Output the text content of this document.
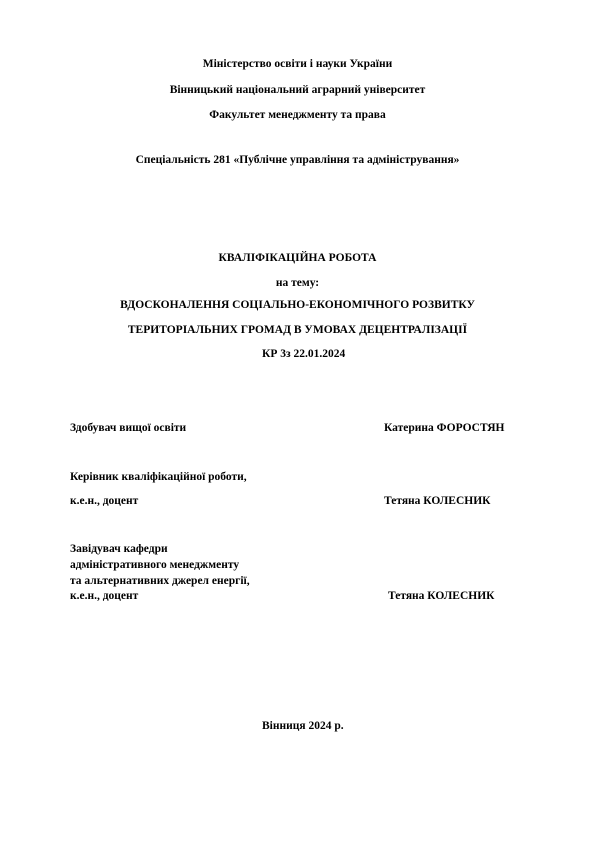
Міністерство освіти і науки України
Вінницький національний аграрний університет
Факультет менеджменту та права
Спеціальність 281 «Публічне управління та адміністрування»
КВАЛІФІКАЦІЙНА РОБОТА
на тему:
ВДОСКОНАЛЕННЯ СОЦІАЛЬНО-ЕКОНОМІЧНОГО РОЗВИТКУ
ТЕРИТОРІАЛЬНИХ ГРОМАД В УМОВАХ ДЕЦЕНТРАЛІЗАЦІЇ
КР 3з 22.01.2024
Здобувач вищої освіти	Катерина ФОРОСТЯН
Керівник кваліфікаційної роботи,
к.е.н., доцент	Тетяна КОЛЕСНИК
Завідувач кафедри
адміністративного менеджменту
та альтернативних джерел енергії,
к.е.н., доцент	Тетяна КОЛЕСНИК
Вінниця 2024 р.
